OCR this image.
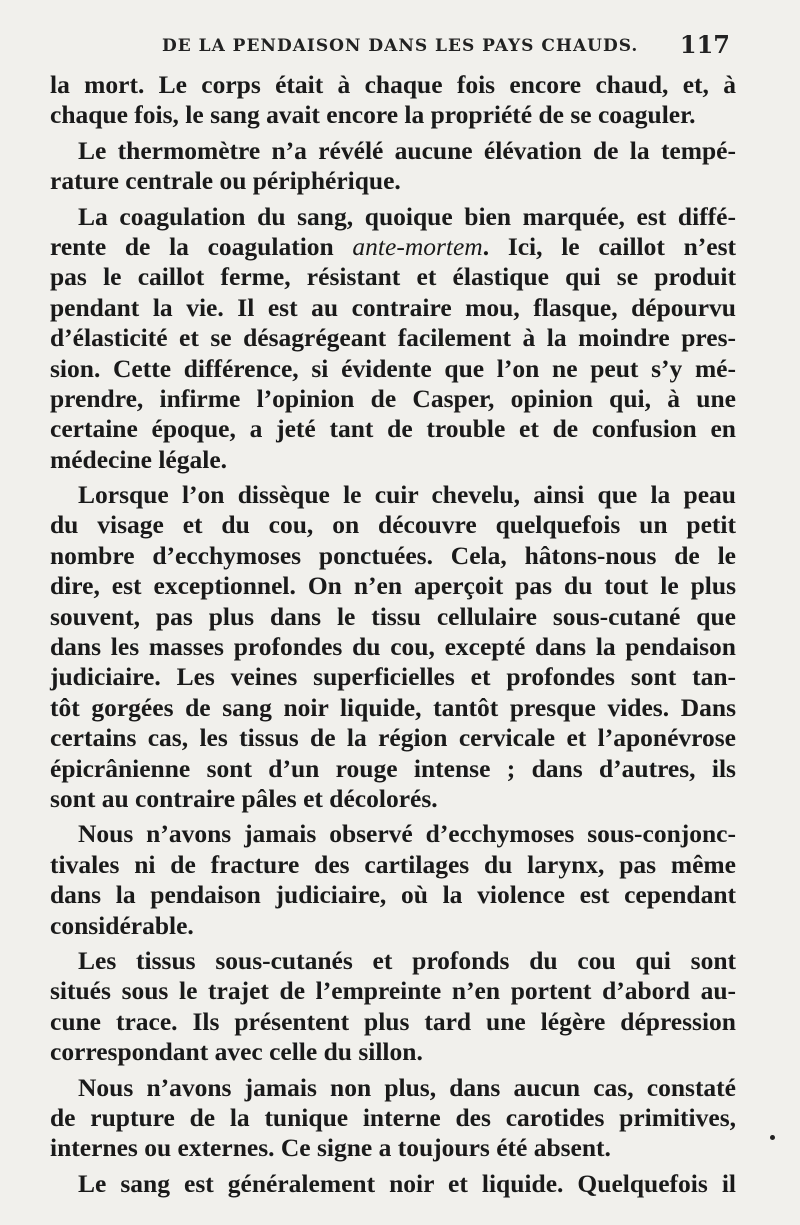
DE LA PENDAISON DANS LES PAYS CHAUDS. 117
la mort. Le corps était à chaque fois encore chaud, et, à
chaque fois, le sang avait encore la propriété de se coaguler.
Le thermomètre n’a révélé aucune élévation de la tempé-
rature centrale ou périphérique.
La coagulation du sang, quoique bien marquée, est diffé-
rente de la coagulation ante-mortem. Ici, le caillot n’est
pas le caillot ferme, résistant et élastique qui se produit
pendant la vie. Il est au contraire mou, flasque, dépourvu
d’élasticité et se désagrégeant facilement à la moindre pres-
sion. Cette différence, si évidente que l’on ne peut s’y mé-
prendre, infirme l’opinion de Casper, opinion qui, à une
certaine époque, a jeté tant de trouble et de confusion en
médecine légale.
Lorsque l’on dissèque le cuir chevelu, ainsi que la peau
du visage et du cou, on découvre quelquefois un petit
nombre d’ecchymoses ponctuées. Cela, hâtons-nous de le
dire, est exceptionnel. On n’en aperçoit pas du tout le plus
souvent, pas plus dans le tissu cellulaire sous-cutané que
dans les masses profondes du cou, excepté dans la pendaison
judiciaire. Les veines superficielles et profondes sont tan-
tôt gorgées de sang noir liquide, tantôt presque vides. Dans
certains cas, les tissus de la région cervicale et l’aponévrose
épicrânienne sont d’un rouge intense ; dans d’autres, ils
sont au contraire pâles et décolorés.
Nous n’avons jamais observé d’ecchymoses sous-conjonc-
tivales ni de fracture des cartilages du larynx, pas même
dans la pendaison judiciaire, où la violence est cependant
considérable.
Les tissus sous-cutanés et profonds du cou qui sont
situés sous le trajet de l’empreinte n’en portent d’abord au-
cune trace. Ils présentent plus tard une légère dépression
correspondant avec celle du sillon.
Nous n’avons jamais non plus, dans aucun cas, constaté
de rupture de la tunique interne des carotides primitives,
internes ou externes. Ce signe a toujours été absent.
Le sang est généralement noir et liquide. Quelquefois il
